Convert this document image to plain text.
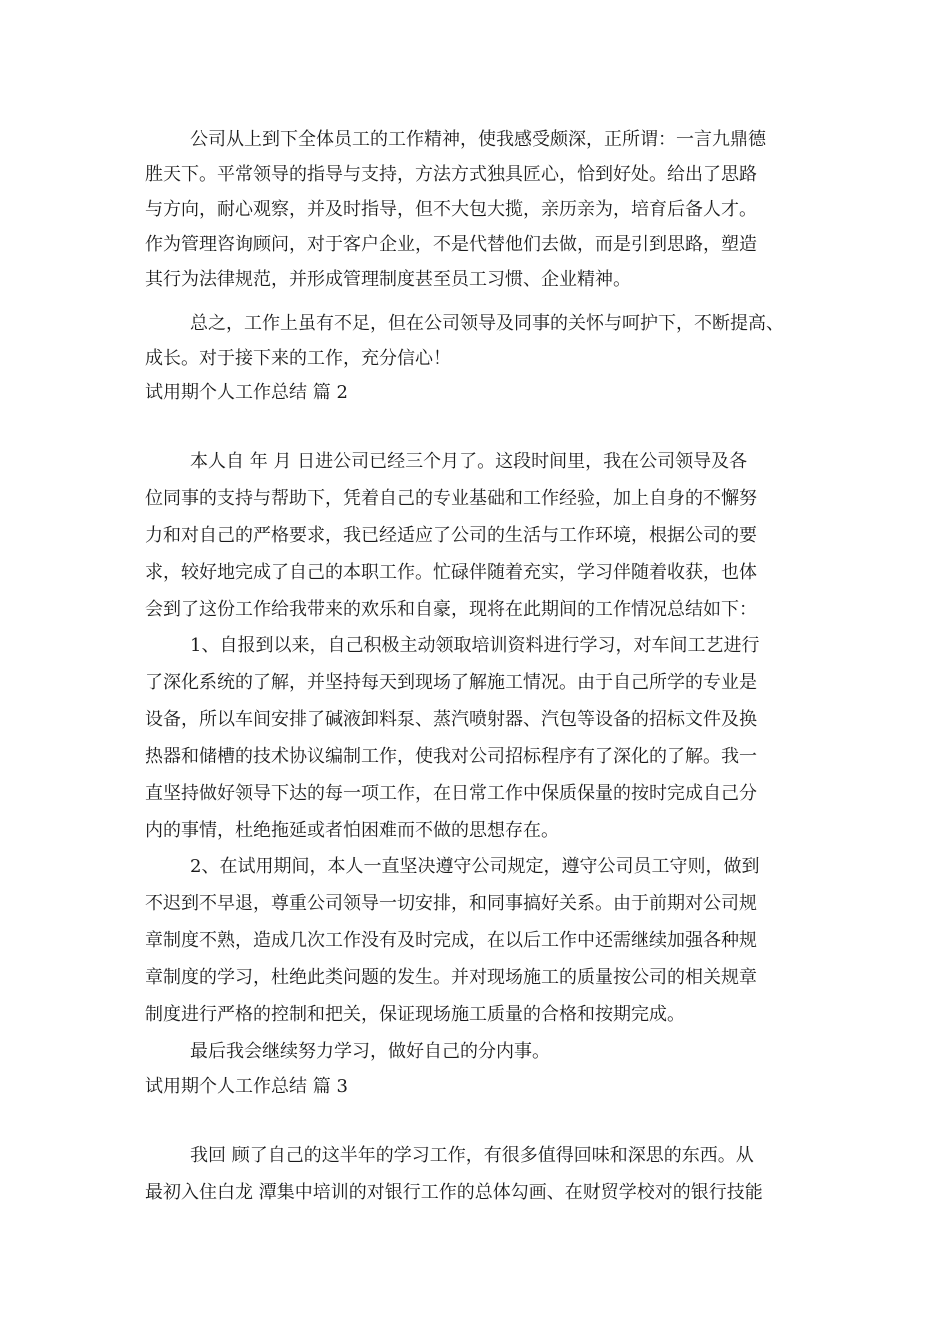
公司从上到下全体员工的工作精神，使我感受颇深，正所谓：一言九鼎德
胜天下。平常领导的指导与支持，方法方式独具匠心，恰到好处。给出了思路
与方向，耐心观察，并及时指导，但不大包大揽，亲历亲为，培育后备人才。
作为管理咨询顾问，对于客户企业，不是代替他们去做，而是引到思路，塑造
其行为法律规范，并形成管理制度甚至员工习惯、企业精神。
总之，工作上虽有不足，但在公司领导及同事的关怀与呵护下，不断提高、
成长。对于接下来的工作，充分信心！
试用期个人工作总结 篇 2
本人自 年 月 日进公司已经三个月了。这段时间里，我在公司领导及各
位同事的支持与帮助下，凭着自己的专业基础和工作经验，加上自身的不懈努
力和对自己的严格要求，我已经适应了公司的生活与工作环境，根据公司的要
求，较好地完成了自己的本职工作。忙碌伴随着充实，学习伴随着收获，也体
会到了这份工作给我带来的欢乐和自豪，现将在此期间的工作情况总结如下：
1、自报到以来，自己积极主动领取培训资料进行学习，对车间工艺进行
了深化系统的了解，并坚持每天到现场了解施工情况。由于自己所学的专业是
设备，所以车间安排了碱液卸料泵、蒸汽喷射器、汽包等设备的招标文件及换
热器和储槽的技术协议编制工作，使我对公司招标程序有了深化的了解。我一
直坚持做好领导下达的每一项工作，在日常工作中保质保量的按时完成自己分
内的事情，杜绝拖延或者怕困难而不做的思想存在。
2、在试用期间，本人一直坚决遵守公司规定，遵守公司员工守则，做到
不迟到不早退，尊重公司领导一切安排，和同事搞好关系。由于前期对公司规
章制度不熟，造成几次工作没有及时完成，在以后工作中还需继续加强各种规
章制度的学习，杜绝此类问题的发生。并对现场施工的质量按公司的相关规章
制度进行严格的控制和把关，保证现场施工质量的合格和按期完成。
最后我会继续努力学习，做好自己的分内事。
试用期个人工作总结 篇 3
我回 顾了自己的这半年的学习工作，有很多值得回味和深思的东西。从
最初入住白龙 潭集中培训的对银行工作的总体勾画、在财贸学校对的银行技能
